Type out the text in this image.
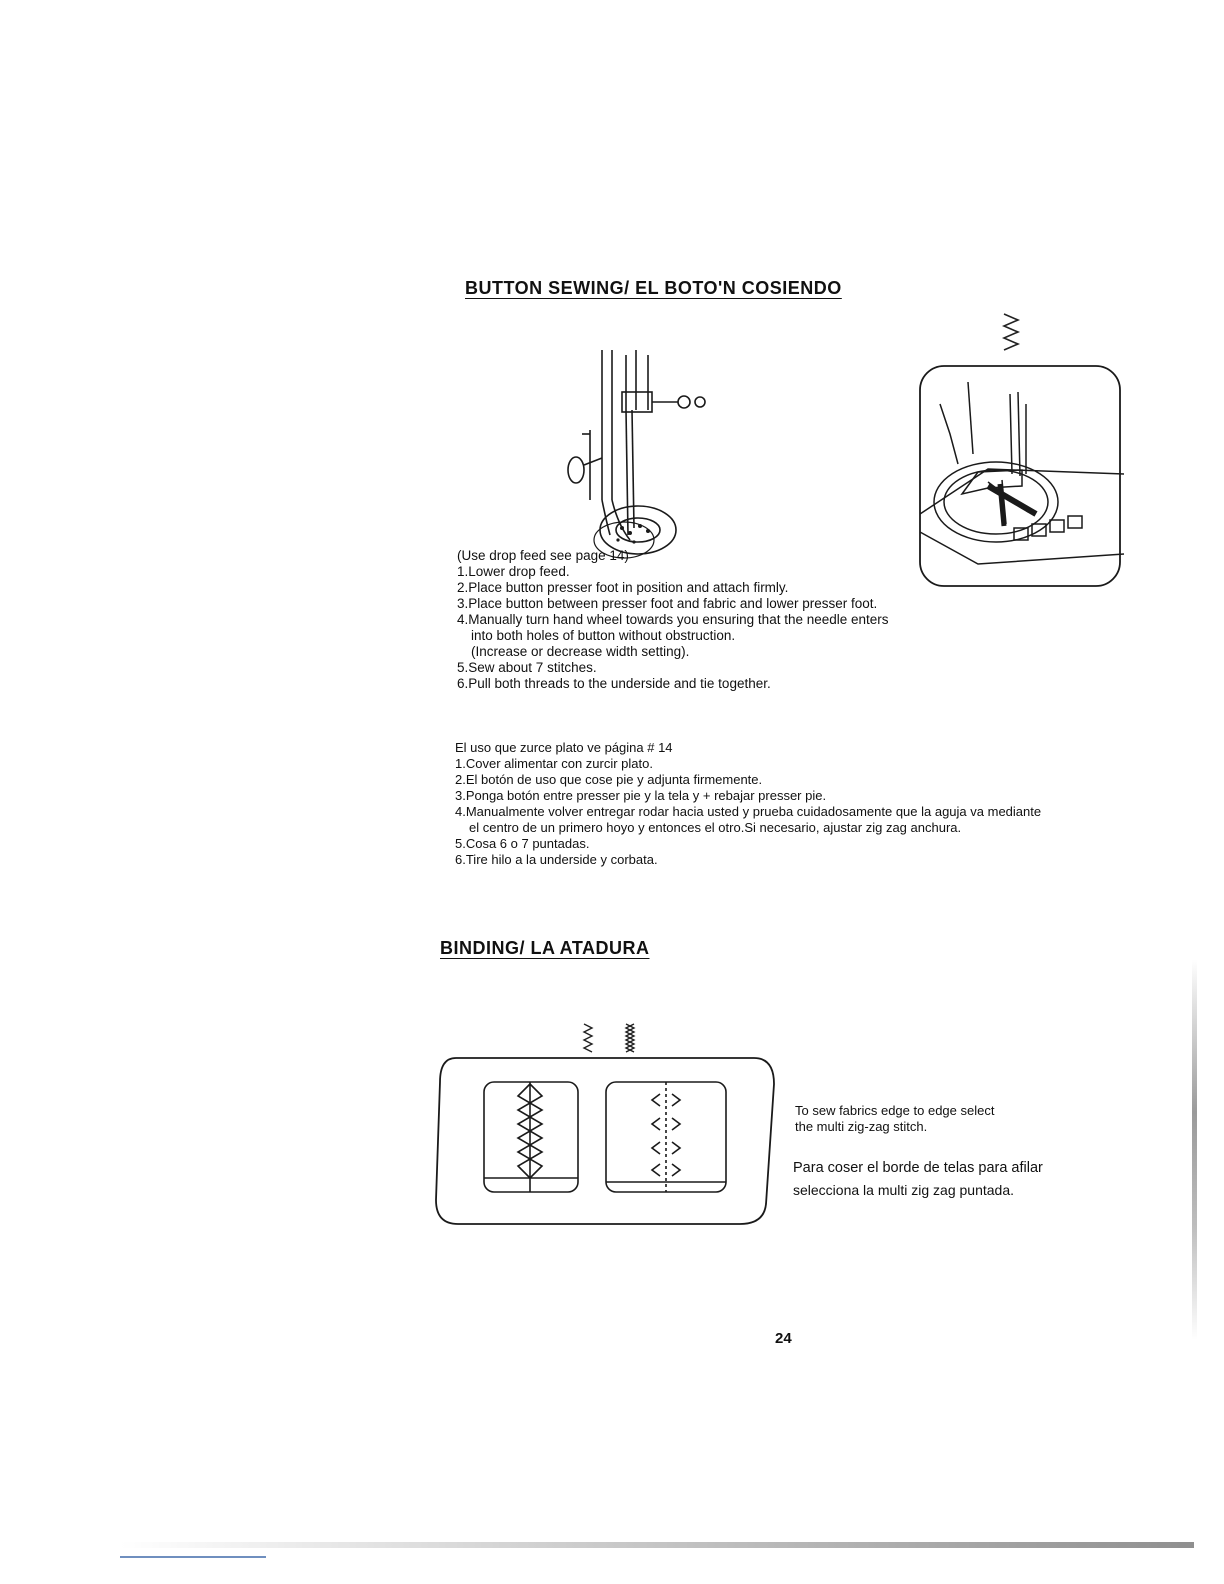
BUTTON SEWING/ EL BOTO'N COSIENDO
(Use drop feed see page 14)
1.Lower drop feed.
2.Place button presser foot in position and attach firmly.
3.Place button between presser foot and fabric and lower presser foot.
4.Manually turn hand wheel towards you ensuring that the needle enters
into both holes of button without obstruction.
(Increase or decrease width setting).
5.Sew about 7 stitches.
6.Pull both threads to the underside and tie together.
El uso que zurce plato ve página # 14
1.Cover alimentar con zurcir plato.
2.El botón de uso que cose pie y adjunta firmemente.
3.Ponga botón entre presser pie y la tela y + rebajar presser pie.
4.Manualmente volver entregar rodar hacia usted y prueba cuidadosamente que la aguja va mediante
el centro de un primero hoyo y entonces el otro.Si necesario, ajustar zig zag anchura.
5.Cosa 6 o 7 puntadas.
6.Tire hilo a la underside y corbata.
BINDING/ LA ATADURA
To sew fabrics edge to edge select
the multi zig-zag stitch.
Para coser el borde de telas para afilar
selecciona la multi zig zag puntada.
24
